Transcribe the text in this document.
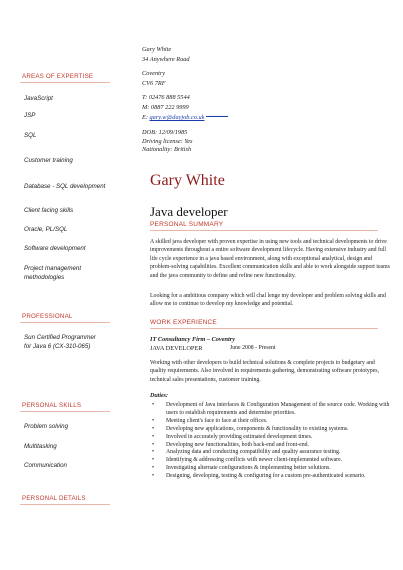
Gary White
34 Anywhere Road
Coventry
CV6 7RF
T: 02476 888 5544
M: 0887 222 9999
E: gary.w@dayjob.co.uk
DOB: 12/09/1985
Driving license: Yes
Nationality: British
Gary White
Java developer
AREAS OF EXPERTISE
JavaScript
JSP
SQL
Customer training
Database - SQL development
Client facing skills
Oracle, PL/SQL
Software development
Project management methodologies
PROFESSIONAL
Sun Certified Programmer for Java 6 (CX-310-065)
PERSONAL SKILLS
Problem solving
Multitasking
Communication
PERSONAL DETAILS
PERSONAL SUMMARY
A skilled java developer with proven expertise in using new tools and technical developments to drive improvements throughout a entire software development lifecycle. Having extensive industry and full life cycle experience in a java based environment, along with exceptional analytical, design and problem-solving capabilities. Excellent communication skills and able to work alongside support teams and the java community to define and refine new functionality.
Looking for a ambitious company which will chal lenge my developer and problem solving skills and allow me to continue to develop my knowledge and potential.
WORK EXPERIENCE
IT Consultancy Firm – Coventry
JAVA DEVELOPER	June 2008 - Present
Working with other developers to build technical solutions & complete projects to budgetary and quality requirements. Also involved in requirements gathering, demonstrating software prototypes, technical sales presentations, customer training.
Duties:
• Development of Java interfaces & Configuration Management of the source code. Working with users to establish requirements and determine priorities.
• Meeting client's face to face at their offices.
• Developing new applications, components & functionality to existing systems.
• Involved in accurately providing estimated development times.
• Developing new functionalities, both back-end and front-end.
• Analyzing data and conducting compatibility and quality assurance testing.
• Identifying & addressing conflicts with newer client-implemented software.
• Investigating alternate configurations & implementing better solutions.
• Designing, developing, testing & configuring for a custom pre-authenticated scenario.
